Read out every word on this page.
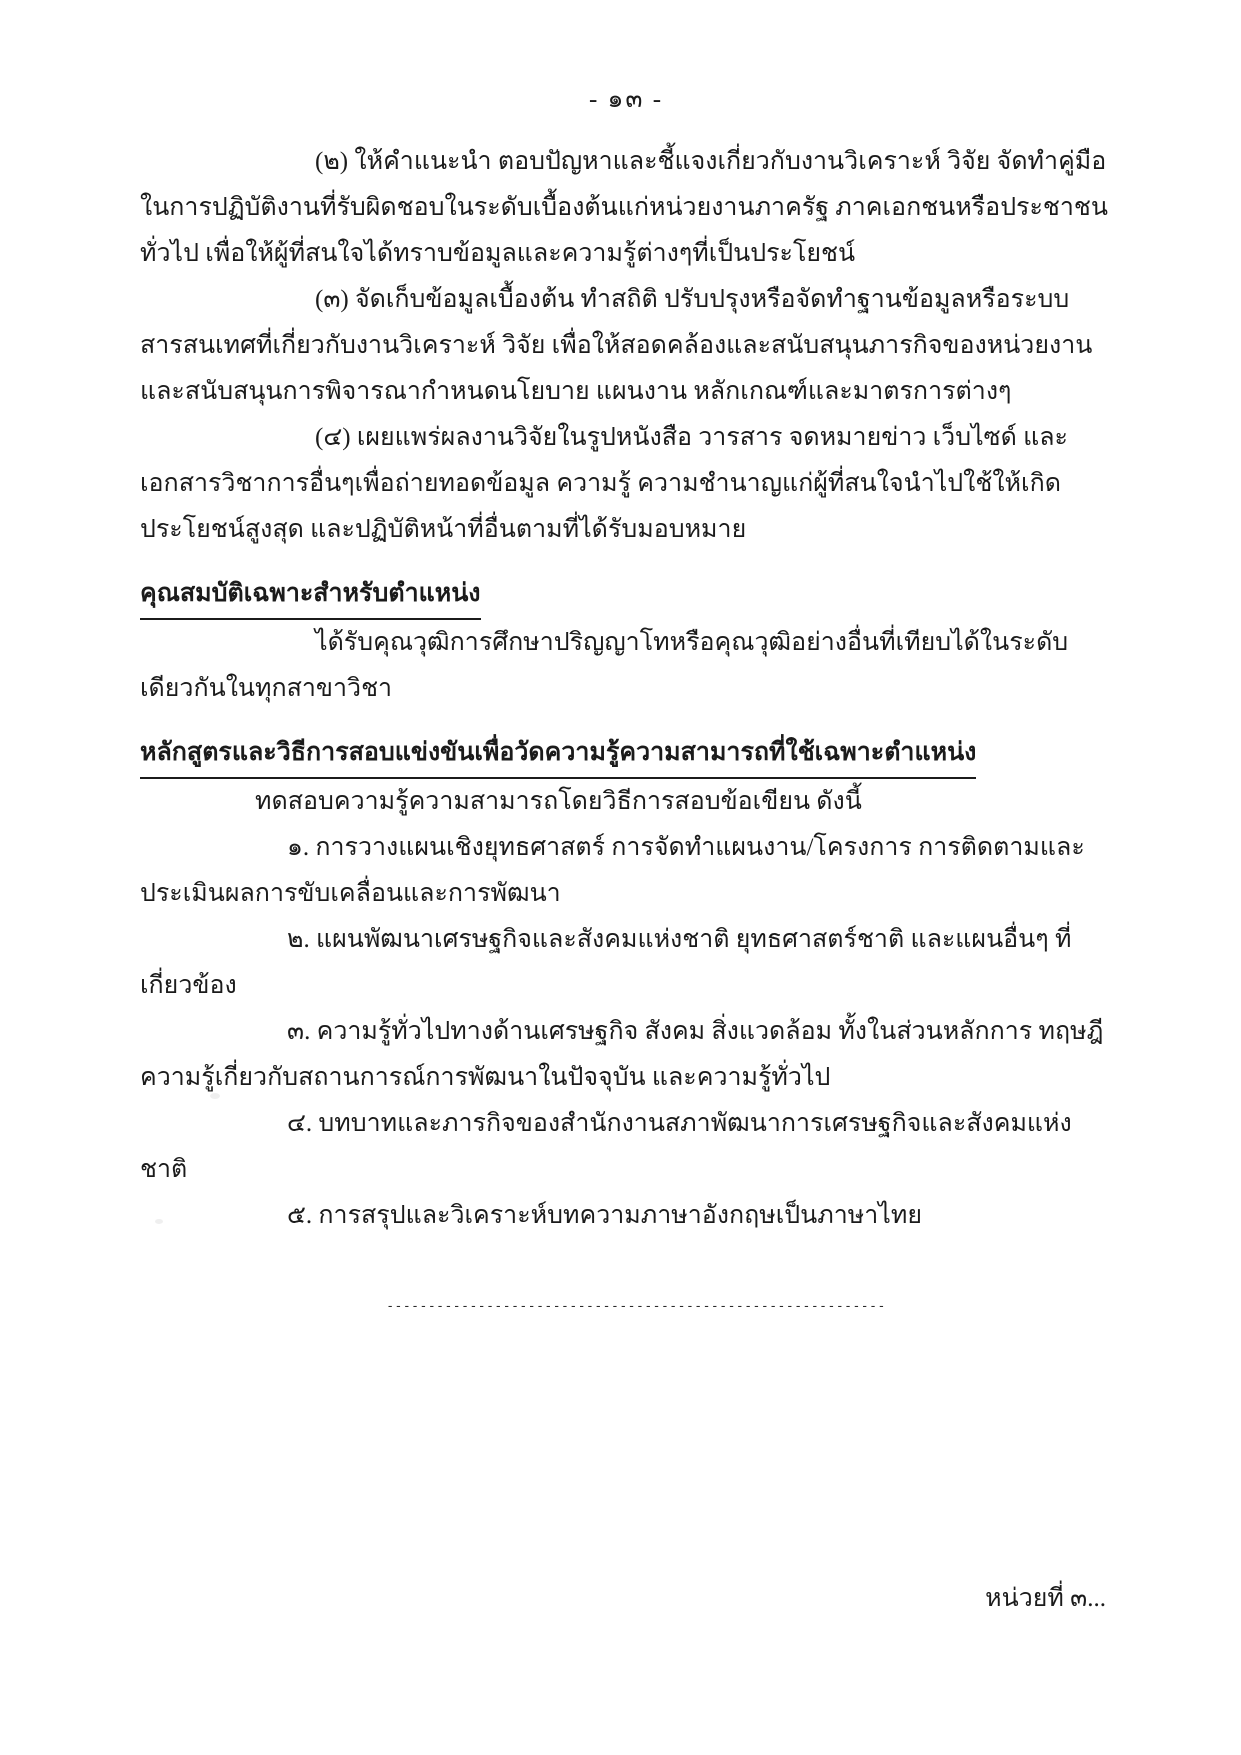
- ๑๓ -

(๒) ให้คำแนะนำ ตอบปัญหาและชี้แจงเกี่ยวกับงานวิเคราะห์ วิจัย จัดทำคู่มือในการปฏิบัติงานที่รับผิดชอบในระดับเบื้องต้นแก่หน่วยงานภาครัฐ ภาคเอกชนหรือประชาชนทั่วไป เพื่อให้ผู้ที่สนใจได้ทราบข้อมูลและความรู้ต่างๆที่เป็นประโยชน์

(๓) จัดเก็บข้อมูลเบื้องต้น ทำสถิติ ปรับปรุงหรือจัดทำฐานข้อมูลหรือระบบสารสนเทศที่เกี่ยวกับงานวิเคราะห์ วิจัย เพื่อให้สอดคล้องและสนับสนุนภารกิจของหน่วยงาน และสนับสนุนการพิจารณากำหนดนโยบาย แผนงาน หลักเกณฑ์และมาตรการต่างๆ

(๔) เผยแพร่ผลงานวิจัยในรูปหนังสือ วารสาร จดหมายข่าว เว็บไซด์ และเอกสารวิชาการอื่นๆเพื่อถ่ายทอดข้อมูล ความรู้ ความชำนาญแก่ผู้ที่สนใจนำไปใช้ให้เกิดประโยชน์สูงสุด และปฏิบัติหน้าที่อื่นตามที่ได้รับมอบหมาย

คุณสมบัติเฉพาะสำหรับตำแหน่ง

ได้รับคุณวุฒิการศึกษาปริญญาโทหรือคุณวุฒิอย่างอื่นที่เทียบได้ในระดับเดียวกันในทุกสาขาวิชา

หลักสูตรและวิธีการสอบแข่งขันเพื่อวัดความรู้ความสามารถที่ใช้เฉพาะตำแหน่ง

ทดสอบความรู้ความสามารถโดยวิธีการสอบข้อเขียน ดังนี้

๑. การวางแผนเชิงยุทธศาสตร์ การจัดทำแผนงาน/โครงการ การติดตามและประเมินผลการขับเคลื่อนและการพัฒนา

๒. แผนพัฒนาเศรษฐกิจและสังคมแห่งชาติ ยุทธศาสตร์ชาติ และแผนอื่นๆ ที่เกี่ยวข้อง

๓. ความรู้ทั่วไปทางด้านเศรษฐกิจ สังคม สิ่งแวดล้อม ทั้งในส่วนหลักการ ทฤษฎี ความรู้เกี่ยวกับสถานการณ์การพัฒนาในปัจจุบัน และความรู้ทั่วไป

๔. บทบาทและภารกิจของสำนักงานสภาพัฒนาการเศรษฐกิจและสังคมแห่งชาติ

๕. การสรุปและวิเคราะห์บทความภาษาอังกฤษเป็นภาษาไทย

------------------------------------------------------------
หน่วยที่ ๓...
